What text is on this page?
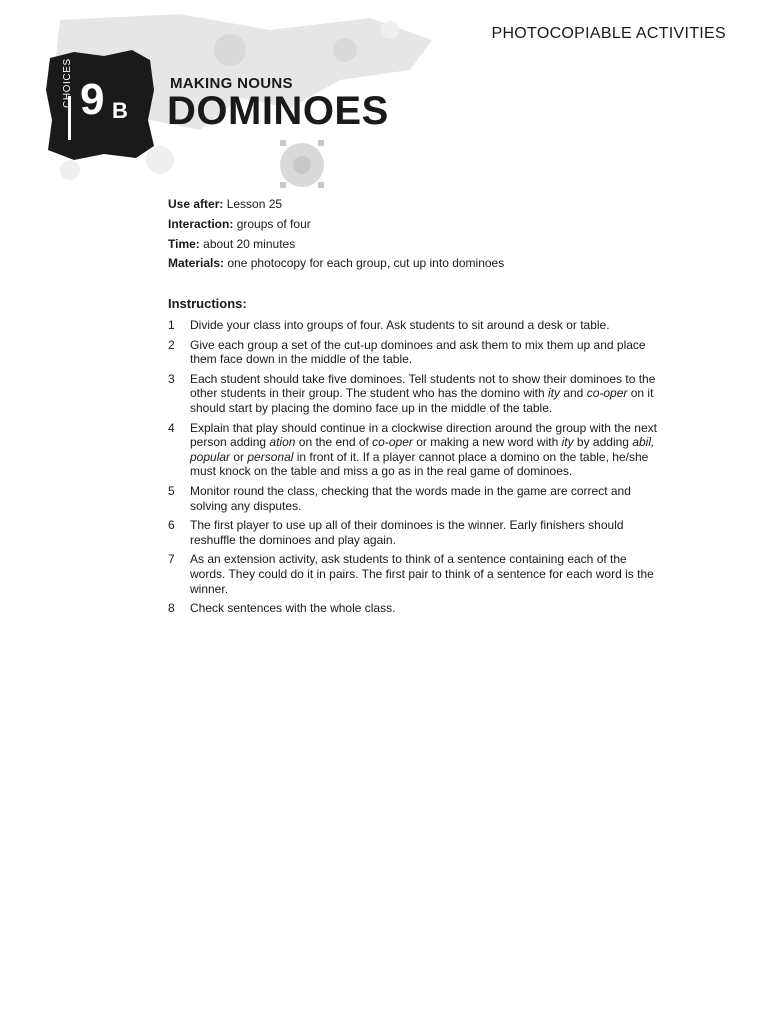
PHOTOCOPIABLE ACTIVITIES
CHOICES 9 B
MAKING NOUNS
DOMINOES
Use after: Lesson 25
Interaction: groups of four
Time: about 20 minutes
Materials: one photocopy for each group, cut up into dominoes
Instructions:
1	Divide your class into groups of four. Ask students to sit around a desk or table.
2	Give each group a set of the cut-up dominoes and ask them to mix them up and place them face down in the middle of the table.
3	Each student should take five dominoes. Tell students not to show their dominoes to the other students in their group. The student who has the domino with ity and co-oper on it should start by placing the domino face up in the middle of the table.
4	Explain that play should continue in a clockwise direction around the group with the next person adding ation on the end of co-oper or making a new word with ity by adding abil, popular or personal in front of it. If a player cannot place a domino on the table, he/she must knock on the table and miss a go as in the real game of dominoes.
5	Monitor round the class, checking that the words made in the game are correct and solving any disputes.
6	The first player to use up all of their dominoes is the winner. Early finishers should reshuffle the dominoes and play again.
7	As an extension activity, ask students to think of a sentence containing each of the words. They could do it in pairs. The first pair to think of a sentence for each word is the winner.
8	Check sentences with the whole class.
